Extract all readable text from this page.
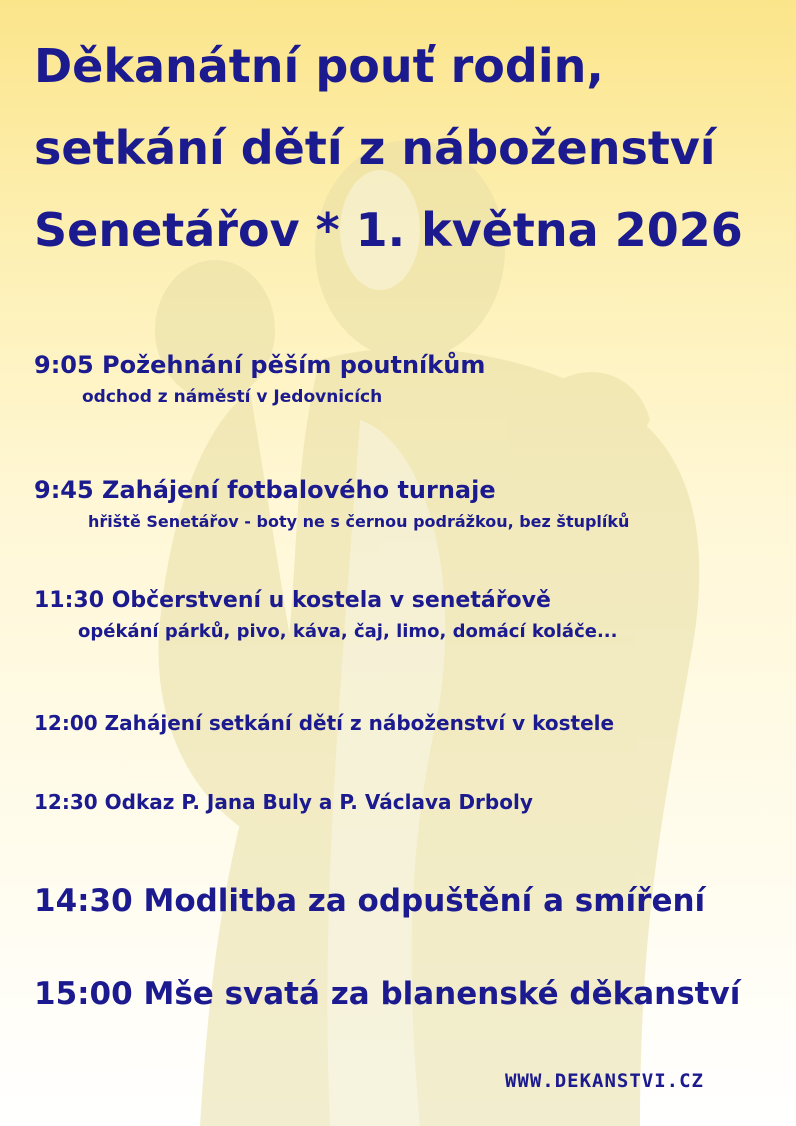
Děkanátní pouť rodin,
setkání dětí z náboženství
Senetářov * 1. května 2026
9:05 Požehnání pěším poutníkům
odchod z náměstí v Jedovnicích
9:45 Zahájení fotbalového turnaje
hřiště Senetářov - boty ne s černou podrážkou, bez štuplíků
11:30 Občerstvení u kostela v senetářově
opékání párků, pivo, káva, čaj, limo, domácí koláče...
12:00 Zahájení setkání dětí z náboženství v kostele
12:30 Odkaz P. Jana Buly a P. Václava Drboly
14:30 Modlitba za odpuštění a smíření
15:00 Mše svatá za blanenské děkanství
WWW.DEKANSTVI.CZ
